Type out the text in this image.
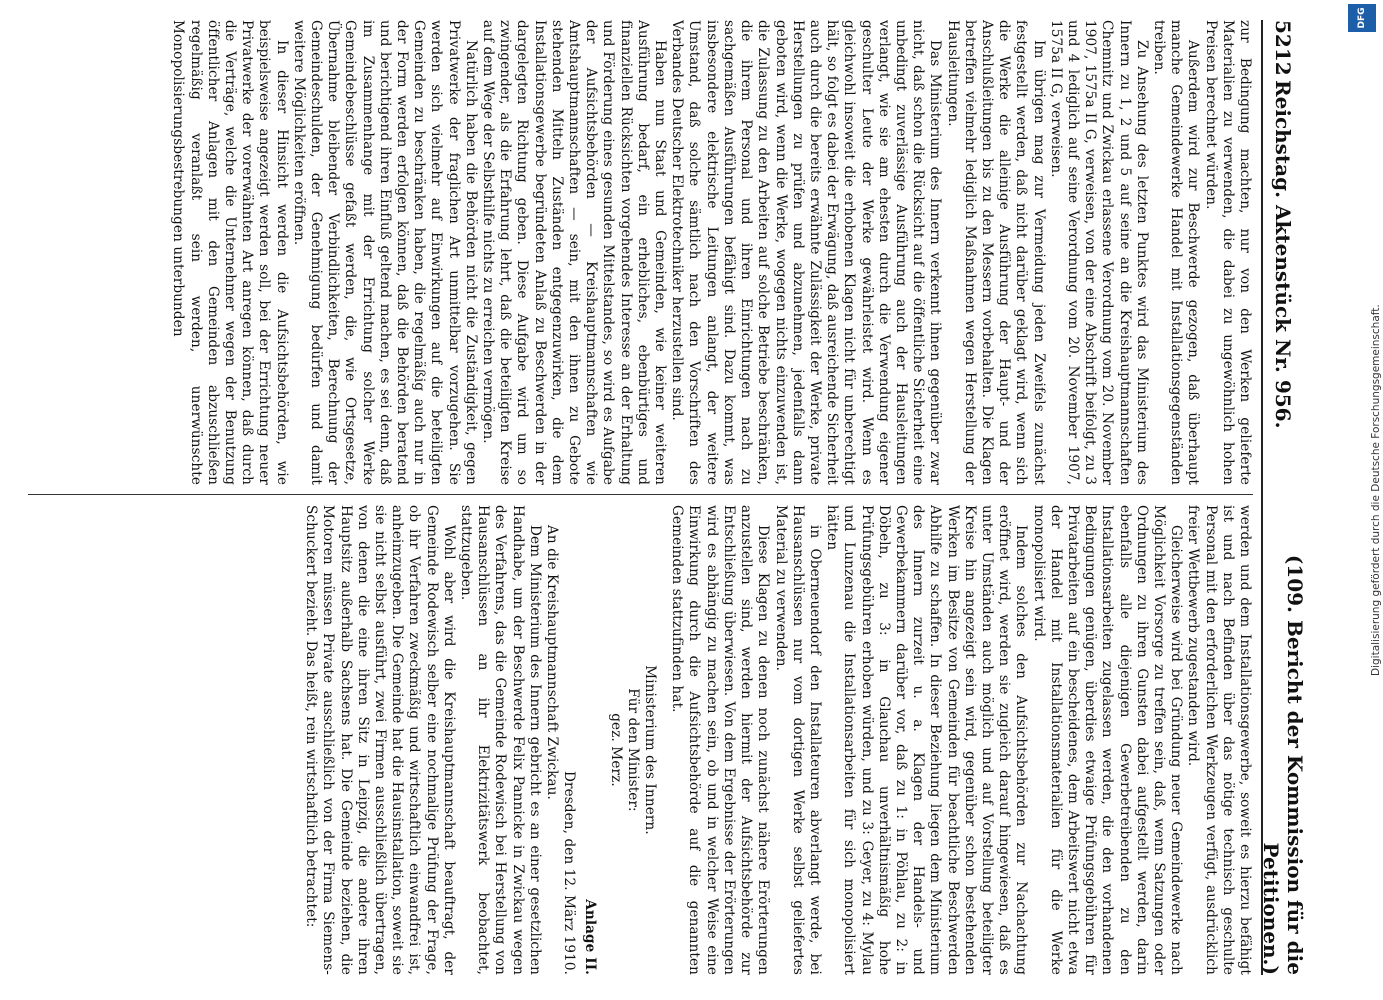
5212
Reichstag. Aktenstück Nr. 956.
(109. Bericht der Kommission für die Petitionen.)

zur Bedingung machten, nur von den Werken gelieferte Materialien zu verwenden, die dabei zu ungewöhnlich hohen Preisen berechnet würden.

Außerdem wird zur Beschwerde gezogen, daß überhaupt manche Gemeindewerke Handel mit Installationsgegenständen treiben.

Zu Ansehung des letzten Punktes wird das Ministerium des Innern zu 1, 2 und 5 auf seine an die Kreishauptmannschaften Chemnitz und Zwickau erlassene Verordnung vom 20. November 1907, 1575a II G, verweisen, von der eine Abschrift beifolgt, zu 3 und 4 lediglich auf seine Verordnung vom 20. November 1907, 1575a II G, verweisen.

Im übrigen mag zur Vermeidung jeden Zweifels zunächst festgestellt werden, daß nicht darüber geklagt wird, wenn sich die Werke die alleinige Ausführung der Haupt- und der Anschlußleitungen bis zu den Messern vorbehalten. Die Klagen betreffen vielmehr lediglich Maßnahmen wegen Herstellung der Hausleitungen.

Das Ministerium des Innern verkennt ihnen gegenüber zwar nicht, daß schon die Rücksicht auf die öffentliche Sicherheit eine unbedingt zuverlässige Ausführung auch der Hausleitungen verlangt, wie sie am ehesten durch die Verwendung eigener geschulter Leute der Werke gewährleistet wird. Wenn es gleichwohl insoweit die erhobenen Klagen nicht für unberechtigt hält, so folgt es dabei der Erwägung, daß ausreichende Sicherheit auch durch die bereits erwähnte Zulässigkeit der Werke, private Herstellungen zu prüfen und abzunehmen, jedenfalls dann geboten wird, wenn die Werke, wogegen nichts einzuwenden ist, die Zulassung zu den Arbeiten auf solche Betriebe beschränken, die ihrem Personal und ihren Einrichtungen nach zu sachgemäßen Ausführungen befähigt sind. Dazu kommt, was insbesondere elektrische Leitungen anlangt, der weitere Umstand, daß solche sämtlich nach den Vorschriften des Verbandes Deutscher Elektrotechniker herzustellen sind.

Haben nun Staat und Gemeinden, wie keiner weiteren Ausführung bedarf, ein erhebliches, ebenbürtiges und finanziellen Rücksichten vorgehendes Interesse an der Erhaltung und Förderung eines gesunden Mittelstandes, so wird es Aufgabe der Aufsichtsbehörden — Kreishauptmannschaften wie Amtshauptmannschaften — sein, mit den ihnen zu Gebote stehenden Mitteln Zuständen entgegenzuwirken, die dem Installationsgewerbe begründeten Anlaß zu Beschwerden in der dargelegten Richtung geben. Diese Aufgabe wird um so zwingender, als die Erfahrung lehrt, daß die beteiligten Kreise auf dem Wege der Selbsthilfe nichts zu erreichen vermögen.

Natürlich haben die Behörden nicht die Zuständigkeit, gegen Privatwerke der fraglichen Art unmittelbar vorzugehen. Sie werden sich vielmehr auf Einwirkungen auf die beteiligten Gemeinden zu beschränken haben, die regelmäßig auch nur in der Form werden erfolgen können, daß die Behörden beratend und berichtigend ihren Einfluß geltend machen, es sei denn, daß im Zusammenhange mit der Errichtung solcher Werke Gemeindebeschlüsse gefaßt werden, die, wie Ortsgesetze, Übernahme bleibender Verbindlichkeiten, Berechnung der Gemeindeschulden, der Genehmigung bedürfen und damit weitere Möglichkeiten eröffnen.

In dieser Hinsicht werden die Aufsichtsbehörden, wie beispielsweise angezeigt werden soll, bei der Errichtung neuer Privatwerke der vorerwähnten Art anregen können, daß durch die Verträge, welche die Unternehmer wegen der Benutzung öffentlicher Anlagen mit den Gemeinden abzuschließen regelmäßig veranlaßt sein werden, unerwünschte Monopolisierungsbestrebungen unterbunden

werden und dem Installationsgewerbe, soweit es hierzu befähigt ist und nach Befinden über das nötige technisch geschulte Personal mit den erforderlichen Werkzeugen verfügt, ausdrücklich freier Wettbewerb zugestanden wird.

Gleicherweise wird bei Gründung neuer Gemeindewerke nach Möglichkeit Vorsorge zu treffen sein, daß, wenn Satzungen oder Ordnungen zu ihren Gunsten dabei aufgestellt werden, darin ebenfalls alle diejenigen Gewerbetreibenden zu den Installationsarbeiten zugelassen werden, die den vorhandenen Bedingungen genügen, überdies etwaige Prüfungsgebühren für Privatarbeiten auf ein bescheidenes, dem Arbeitswert nicht etwa der Handel mit Installationsmaterialien für die Werke monopolisiert wird.

Indem solches den Aufsichtsbehörden zur Nachachtung eröffnet wird, werden sie zugleich darauf hingewiesen, daß es unter Umständen auch möglich und auf Vorstellung beteiligter Kreise hin angezeigt sein wird, gegenüber schon bestehenden Werken im Besitze von Gemeinden für beachtliche Beschwerden Abhilfe zu schaffen. In dieser Beziehung liegen dem Ministerium des Innern zurzeit u. a. Klagen der Handels- und Gewerbekammern darüber vor, daß zu 1: in Pöhlau, zu 2: in Döbeln, zu 3: in Glauchau unverhältnismäßig hohe Prüfungsgebühren erhoben würden, und zu 3: Geyer, zu 4: Mylau und Lunzenau die Installationsarbeiten für sich monopolisiert hätten

in Oberneuendorf den Installateuren abverlangt werde, bei Hausanschlüssen nur vom dortigen Werke selbst geliefertes Material zu verwenden.

Diese Klagen zu denen noch zunächst nähere Erörterungen anzustellen sind, werden hiermit der Aufsichtsbehörde zur Entschließung überwiesen. Von dem Ergebnisse der Erörterungen wird es abhängig zu machen sein, ob und in welcher Weise eine Einwirkung durch die Aufsichtsbehörde auf die genannten Gemeinden stattzufinden hat.

Ministerium des Innern.

Für den Minister:

gez. Merz.

Anlage II.

Dresden, den 12. März 1910.

An die Kreishauptmannschaft Zwickau.

Dem Ministerium des Innern gebricht es an einer gesetzlichen Handhabe, um der Beschwerde Felix Pannicke in Zwickau wegen des Verfahrens, das die Gemeinde Rodewisch bei Herstellung von Hausanschlüssen an ihr Elektrizitätswerk beobachtet, stattzugeben.

Wohl aber wird die Kreishauptmannschaft beauftragt, der Gemeinde Rodewisch selber eine nochmalige Prüfung der Frage, ob ihr Verfahren zweckmäßig und wirtschaftlich einwandfrei ist, anheimzugeben. Die Gemeinde hat die Hausinstallation, soweit sie sie nicht selbst ausführt, zwei Firmen ausschließlich übertragen, von denen die eine ihren Sitz in Leipzig, die andere ihren Hauptsitz außerhalb Sachsens hat. Die Gemeinde beziehen, die Motoren müssen Private ausschließlich von der Firma Siemens-Schuckert bezieht. Das heißt, rein wirtschaftlich betrachtet:

DFG
Digitalisierung gefördert durch die Deutsche Forschungsgemeinschaft.
